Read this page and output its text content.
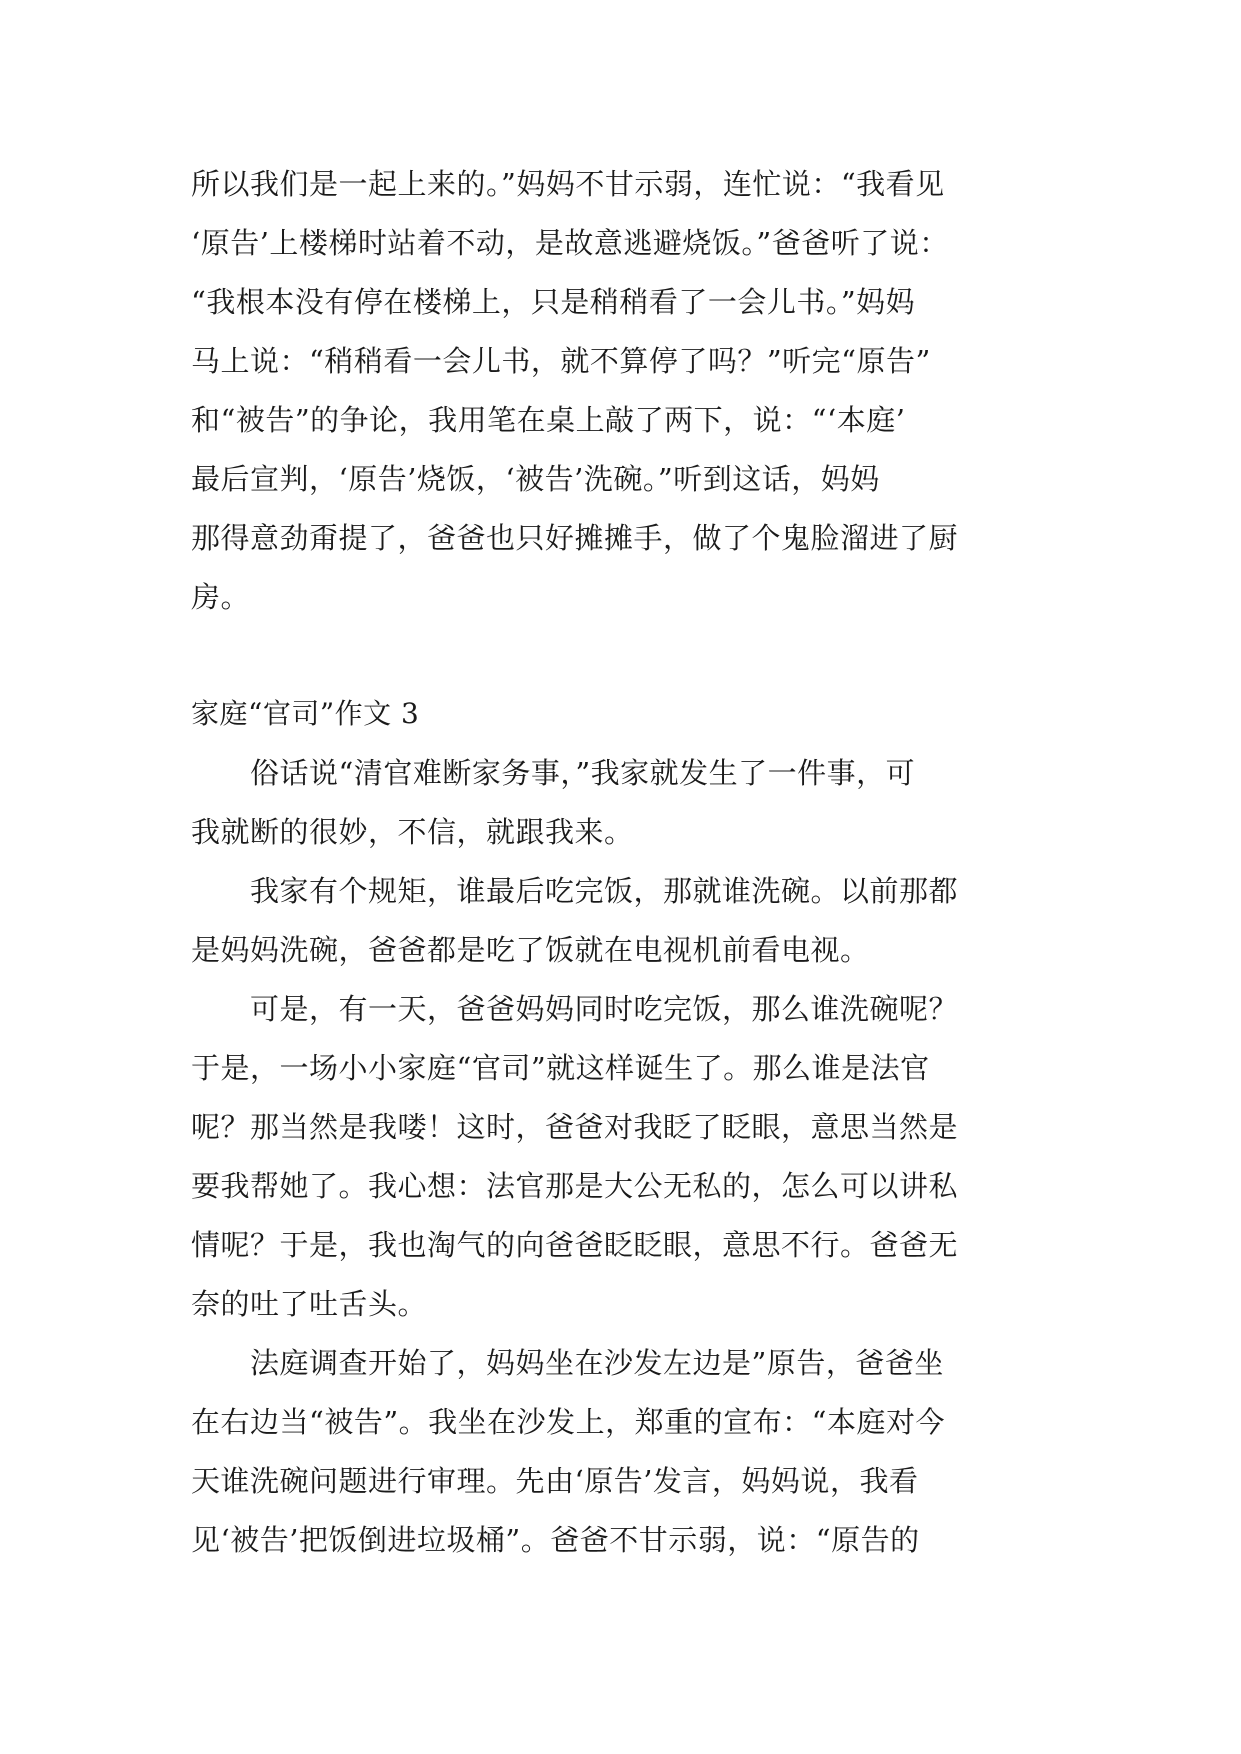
所以我们是一起上来的。”妈妈不甘示弱，连忙说：“我看见
‘原告’上楼梯时站着不动，是故意逃避烧饭。”爸爸听了说：
“我根本没有停在楼梯上，只是稍稍看了一会儿书。”妈妈
马上说：“稍稍看一会儿书，就不算停了吗？”听完“原告”
和“被告”的争论，我用笔在桌上敲了两下，说：“‘本庭’
最后宣判，‘原告’烧饭，‘被告’洗碗。”听到这话，妈妈
那得意劲甭提了，爸爸也只好摊摊手，做了个鬼脸溜进了厨
房。
家庭“官司”作文 3
　　俗话说“清官难断家务事，”我家就发生了一件事，可
我就断的很妙，不信，就跟我来。
　　我家有个规矩，谁最后吃完饭，那就谁洗碗。以前那都
是妈妈洗碗，爸爸都是吃了饭就在电视机前看电视。
　　可是，有一天，爸爸妈妈同时吃完饭，那么谁洗碗呢？
于是，一场小小家庭“官司”就这样诞生了。那么谁是法官
呢？那当然是我喽！这时，爸爸对我眨了眨眼，意思当然是
要我帮她了。我心想：法官那是大公无私的，怎么可以讲私
情呢？于是，我也淘气的向爸爸眨眨眼，意思不行。爸爸无
奈的吐了吐舌头。
　　法庭调查开始了，妈妈坐在沙发左边是”原告，爸爸坐
在右边当“被告”。我坐在沙发上，郑重的宣布：“本庭对今
天谁洗碗问题进行审理。先由‘原告’发言，妈妈说，我看
见‘被告’把饭倒进垃圾桶”。爸爸不甘示弱，说：“原告的
